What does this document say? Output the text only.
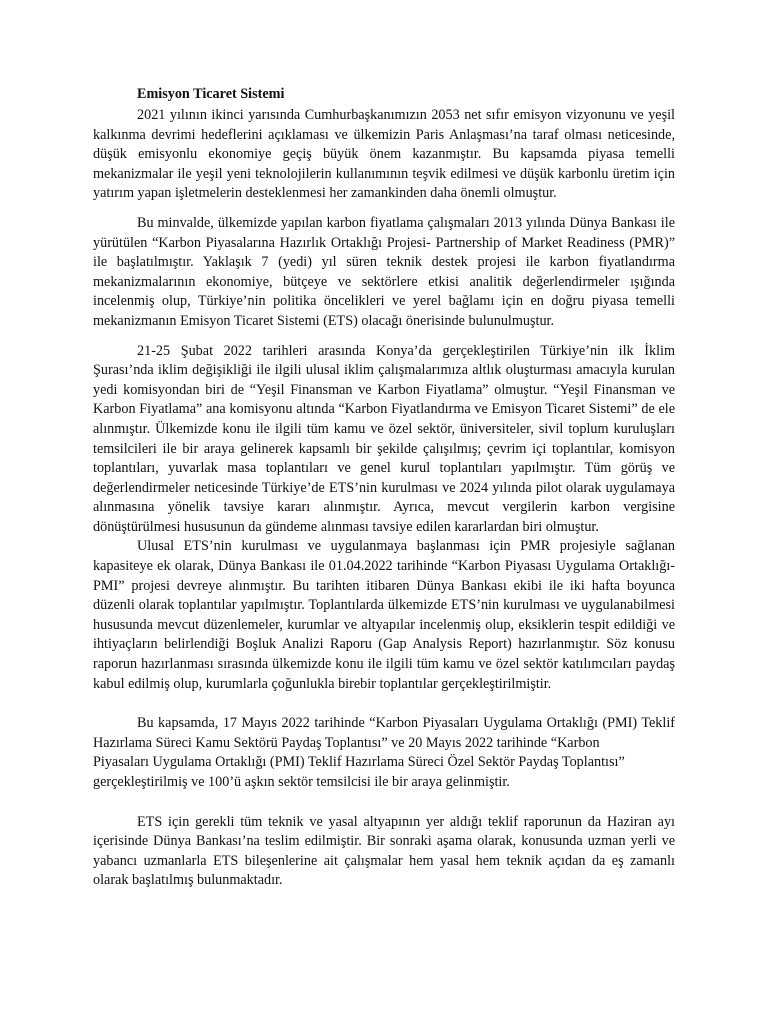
Emisyon Ticaret Sistemi

2021 yılının ikinci yarısında Cumhurbaşkanımızın 2053 net sıfır emisyon vizyonunu ve yeşil kalkınma devrimi hedeflerini açıklaması ve ülkemizin Paris Anlaşması’na taraf olması neticesinde, düşük emisyonlu ekonomiye geçiş büyük önem kazanmıştır. Bu kapsamda piyasa temelli mekanizmalar ile yeşil yeni teknolojilerin kullanımının teşvik edilmesi ve düşük karbonlu üretim için yatırım yapan işletmelerin desteklenmesi her zamankinden daha önemli olmuştur.

Bu minvalde, ülkemizde yapılan karbon fiyatlama çalışmaları 2013 yılında Dünya Bankası ile yürütülen “Karbon Piyasalarına Hazırlık Ortaklığı Projesi- Partnership of Market Readiness (PMR)” ile başlatılmıştır. Yaklaşık 7 (yedi) yıl süren teknik destek projesi ile karbon fiyatlandırma mekanizmalarının ekonomiye, bütçeye ve sektörlere etkisi analitik değerlendirmeler ışığında incelenmiş olup, Türkiye’nin politika öncelikleri ve yerel bağlamı için en doğru piyasa temelli mekanizmanın Emisyon Ticaret Sistemi (ETS) olacağı önerisinde bulunulmuştur.

21-25 Şubat 2022 tarihleri arasında Konya’da gerçekleştirilen Türkiye’nin ilk İklim Şurası’nda iklim değişikliği ile ilgili ulusal iklim çalışmalarımıza altlık oluşturması amacıyla kurulan yedi komisyondan biri de “Yeşil Finansman ve Karbon Fiyatlama” olmuştur. “Yeşil Finansman ve Karbon Fiyatlama” ana komisyonu altında “Karbon Fiyatlandırma ve Emisyon Ticaret Sistemi” de ele alınmıştır. Ülkemizde konu ile ilgili tüm kamu ve özel sektör, üniversiteler, sivil toplum kuruluşları temsilcileri ile bir araya gelinerek kapsamlı bir şekilde çalışılmış; çevrim içi toplantılar, komisyon toplantıları, yuvarlak masa toplantıları ve genel kurul toplantıları yapılmıştır. Tüm görüş ve değerlendirmeler neticesinde Türkiye’de ETS’nin kurulması ve 2024 yılında pilot olarak uygulamaya alınmasına yönelik tavsiye kararı alınmıştır. Ayrıca, mevcut vergilerin karbon vergisine dönüştürülmesi hususunun da gündeme alınması tavsiye edilen kararlardan biri olmuştur.

Ulusal ETS’nin kurulması ve uygulanmaya başlanması için PMR projesiyle sağlanan kapasiteye ek olarak, Dünya Bankası ile 01.04.2022 tarihinde “Karbon Piyasası Uygulama Ortaklığı-PMI” projesi devreye alınmıştır. Bu tarihten itibaren Dünya Bankası ekibi ile iki hafta boyunca düzenli olarak toplantılar yapılmıştır. Toplantılarda ülkemizde ETS’nin kurulması ve uygulanabilmesi hususunda mevcut düzenlemeler, kurumlar ve altyapılar incelenmiş olup, eksiklerin tespit edildiği ve ihtiyaçların belirlendiği Boşluk Analizi Raporu (Gap Analysis Report) hazırlanmıştır. Söz konusu raporun hazırlanması sırasında ülkemizde konu ile ilgili tüm kamu ve özel sektör katılımcıları paydaş kabul edilmiş olup, kurumlarla çoğunlukla birebir toplantılar gerçekleştirilmiştir.

Bu kapsamda, 17 Mayıs 2022 tarihinde “Karbon Piyasaları Uygulama Ortaklığı (PMI) Teklif Hazırlama Süreci Kamu Sektörü Paydaş Toplantısı” ve 20 Mayıs 2022 tarihinde “Karbon

Piyasaları Uygulama Ortaklığı (PMI) Teklif Hazırlama Süreci Özel Sektör Paydaş Toplantısı” gerçekleştirilmiş ve 100’ü aşkın sektör temsilcisi ile bir araya gelinmiştir.

ETS için gerekli tüm teknik ve yasal altyapının yer aldığı teklif raporunun da Haziran ayı içerisinde Dünya Bankası’na teslim edilmiştir. Bir sonraki aşama olarak, konusunda uzman yerli ve yabancı uzmanlarla ETS bileşenlerine ait çalışmalar hem yasal hem teknik açıdan da eş zamanlı olarak başlatılmış bulunmaktadır.
